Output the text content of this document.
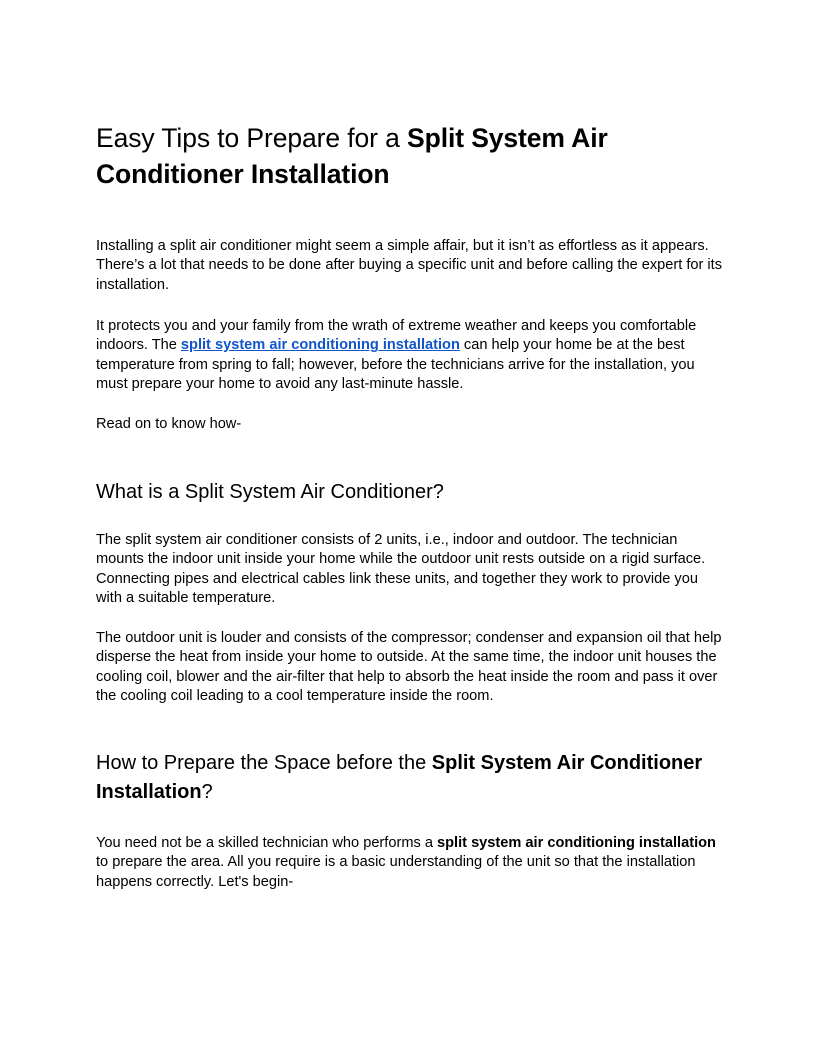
Easy Tips to Prepare for a Split System Air Conditioner Installation

Installing a split air conditioner might seem a simple affair, but it isn’t as effortless as it appears. There’s a lot that needs to be done after buying a specific unit and before calling the expert for its installation.

It protects you and your family from the wrath of extreme weather and keeps you comfortable indoors. The split system air conditioning installation can help your home be at the best temperature from spring to fall; however, before the technicians arrive for the installation, you must prepare your home to avoid any last-minute hassle.

Read on to know how-

What is a Split System Air Conditioner?

The split system air conditioner consists of 2 units, i.e., indoor and outdoor. The technician mounts the indoor unit inside your home while the outdoor unit rests outside on a rigid surface. Connecting pipes and electrical cables link these units, and together they work to provide you with a suitable temperature.

The outdoor unit is louder and consists of the compressor; condenser and expansion oil that help disperse the heat from inside your home to outside. At the same time, the indoor unit houses the cooling coil, blower and the air-filter that help to absorb the heat inside the room and pass it over the cooling coil leading to a cool temperature inside the room.

How to Prepare the Space before the Split System Air Conditioner Installation?

You need not be a skilled technician who performs a split system air conditioning installation to prepare the area. All you require is a basic understanding of the unit so that the installation happens correctly. Let's begin-
